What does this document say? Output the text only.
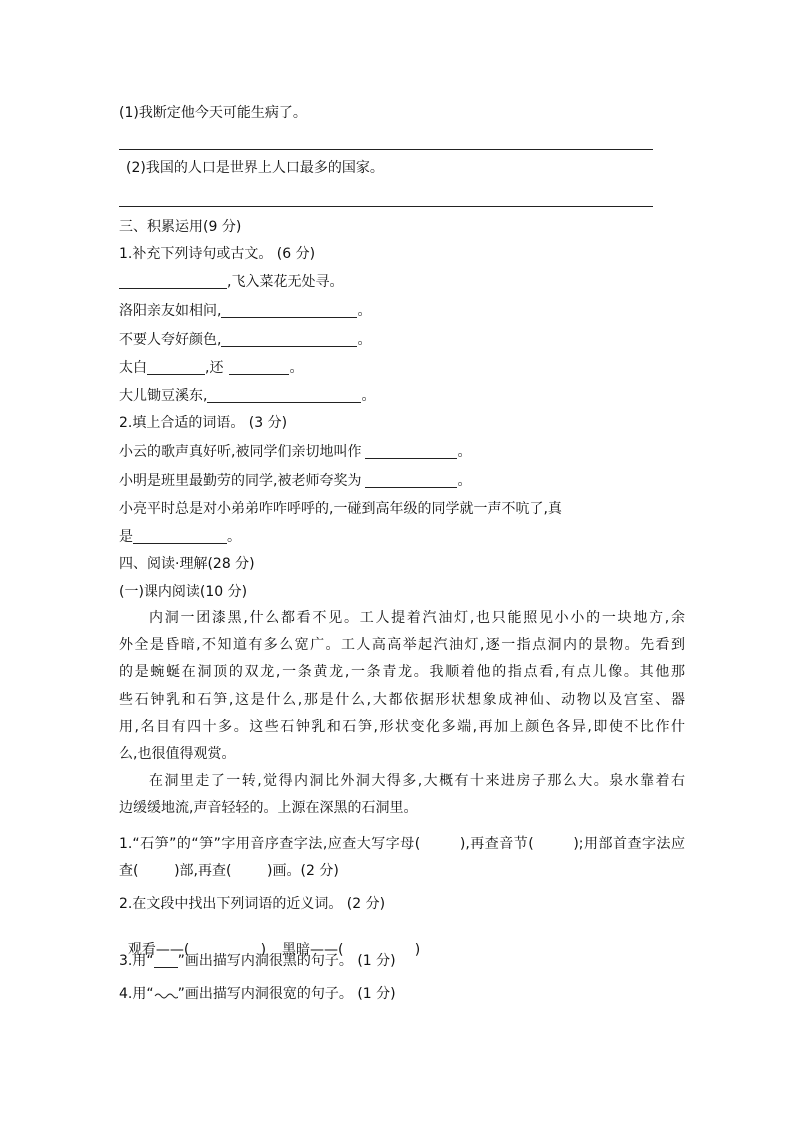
(1)我断定他今天可能生病了。
(2)我国的人口是世界上人口最多的国家。
三、积累运用(9 分)
1.补充下列诗句或古文。 (6 分)
,飞入菜花无处寻。
洛阳亲友如相问,	。
不要人夸好颜色,	。
太白	,还	。
大儿锄豆溪东,	。
2.填上合适的词语。 (3 分)
小云的歌声真好听,被同学们亲切地叫作	。
小明是班里最勤劳的同学,被老师夸奖为	。
小亮平时总是对小弟弟咋咋呼呼的,一碰到高年级的同学就一声不吭了,真
是	。
四、阅读·理解(28 分)
(一)课内阅读(10 分)
内洞一团漆黑,什么都看不见。工人提着汽油灯,也只能照见小小的一块地方,余
外全是昏暗,不知道有多么宽广。工人高高举起汽油灯,逐一指点洞内的景物。先看到
的是蜿蜒在洞顶的双龙,一条黄龙,一条青龙。我顺着他的指点看,有点儿像。其他那
些石钟乳和石笋,这是什么,那是什么,大都依据形状想象成神仙、动物以及宫室、器
用,名目有四十多。这些石钟乳和石笋,形状变化多端,再加上颜色各异,即使不比作什
么,也很值得观赏。
在洞里走了一转,觉得内洞比外洞大得多,大概有十来进房子那么大。泉水靠着右
边缓缓地流,声音轻轻的。上源在深黑的石洞里。
1.“石笋”的“笋”字用音序查字法,应查大写字母(        ),再查音节(        );用部首查字法应
查(        )部,再查(        )画。(2 分)
2.在文段中找出下列词语的近义词。 (2 分)

观看——(                ) 黑暗——(                )

3.用“ ”画出描写内洞很黑的句子。 (1 分)
4.用“ ”画出描写内洞很宽的句子。 (1 分)
